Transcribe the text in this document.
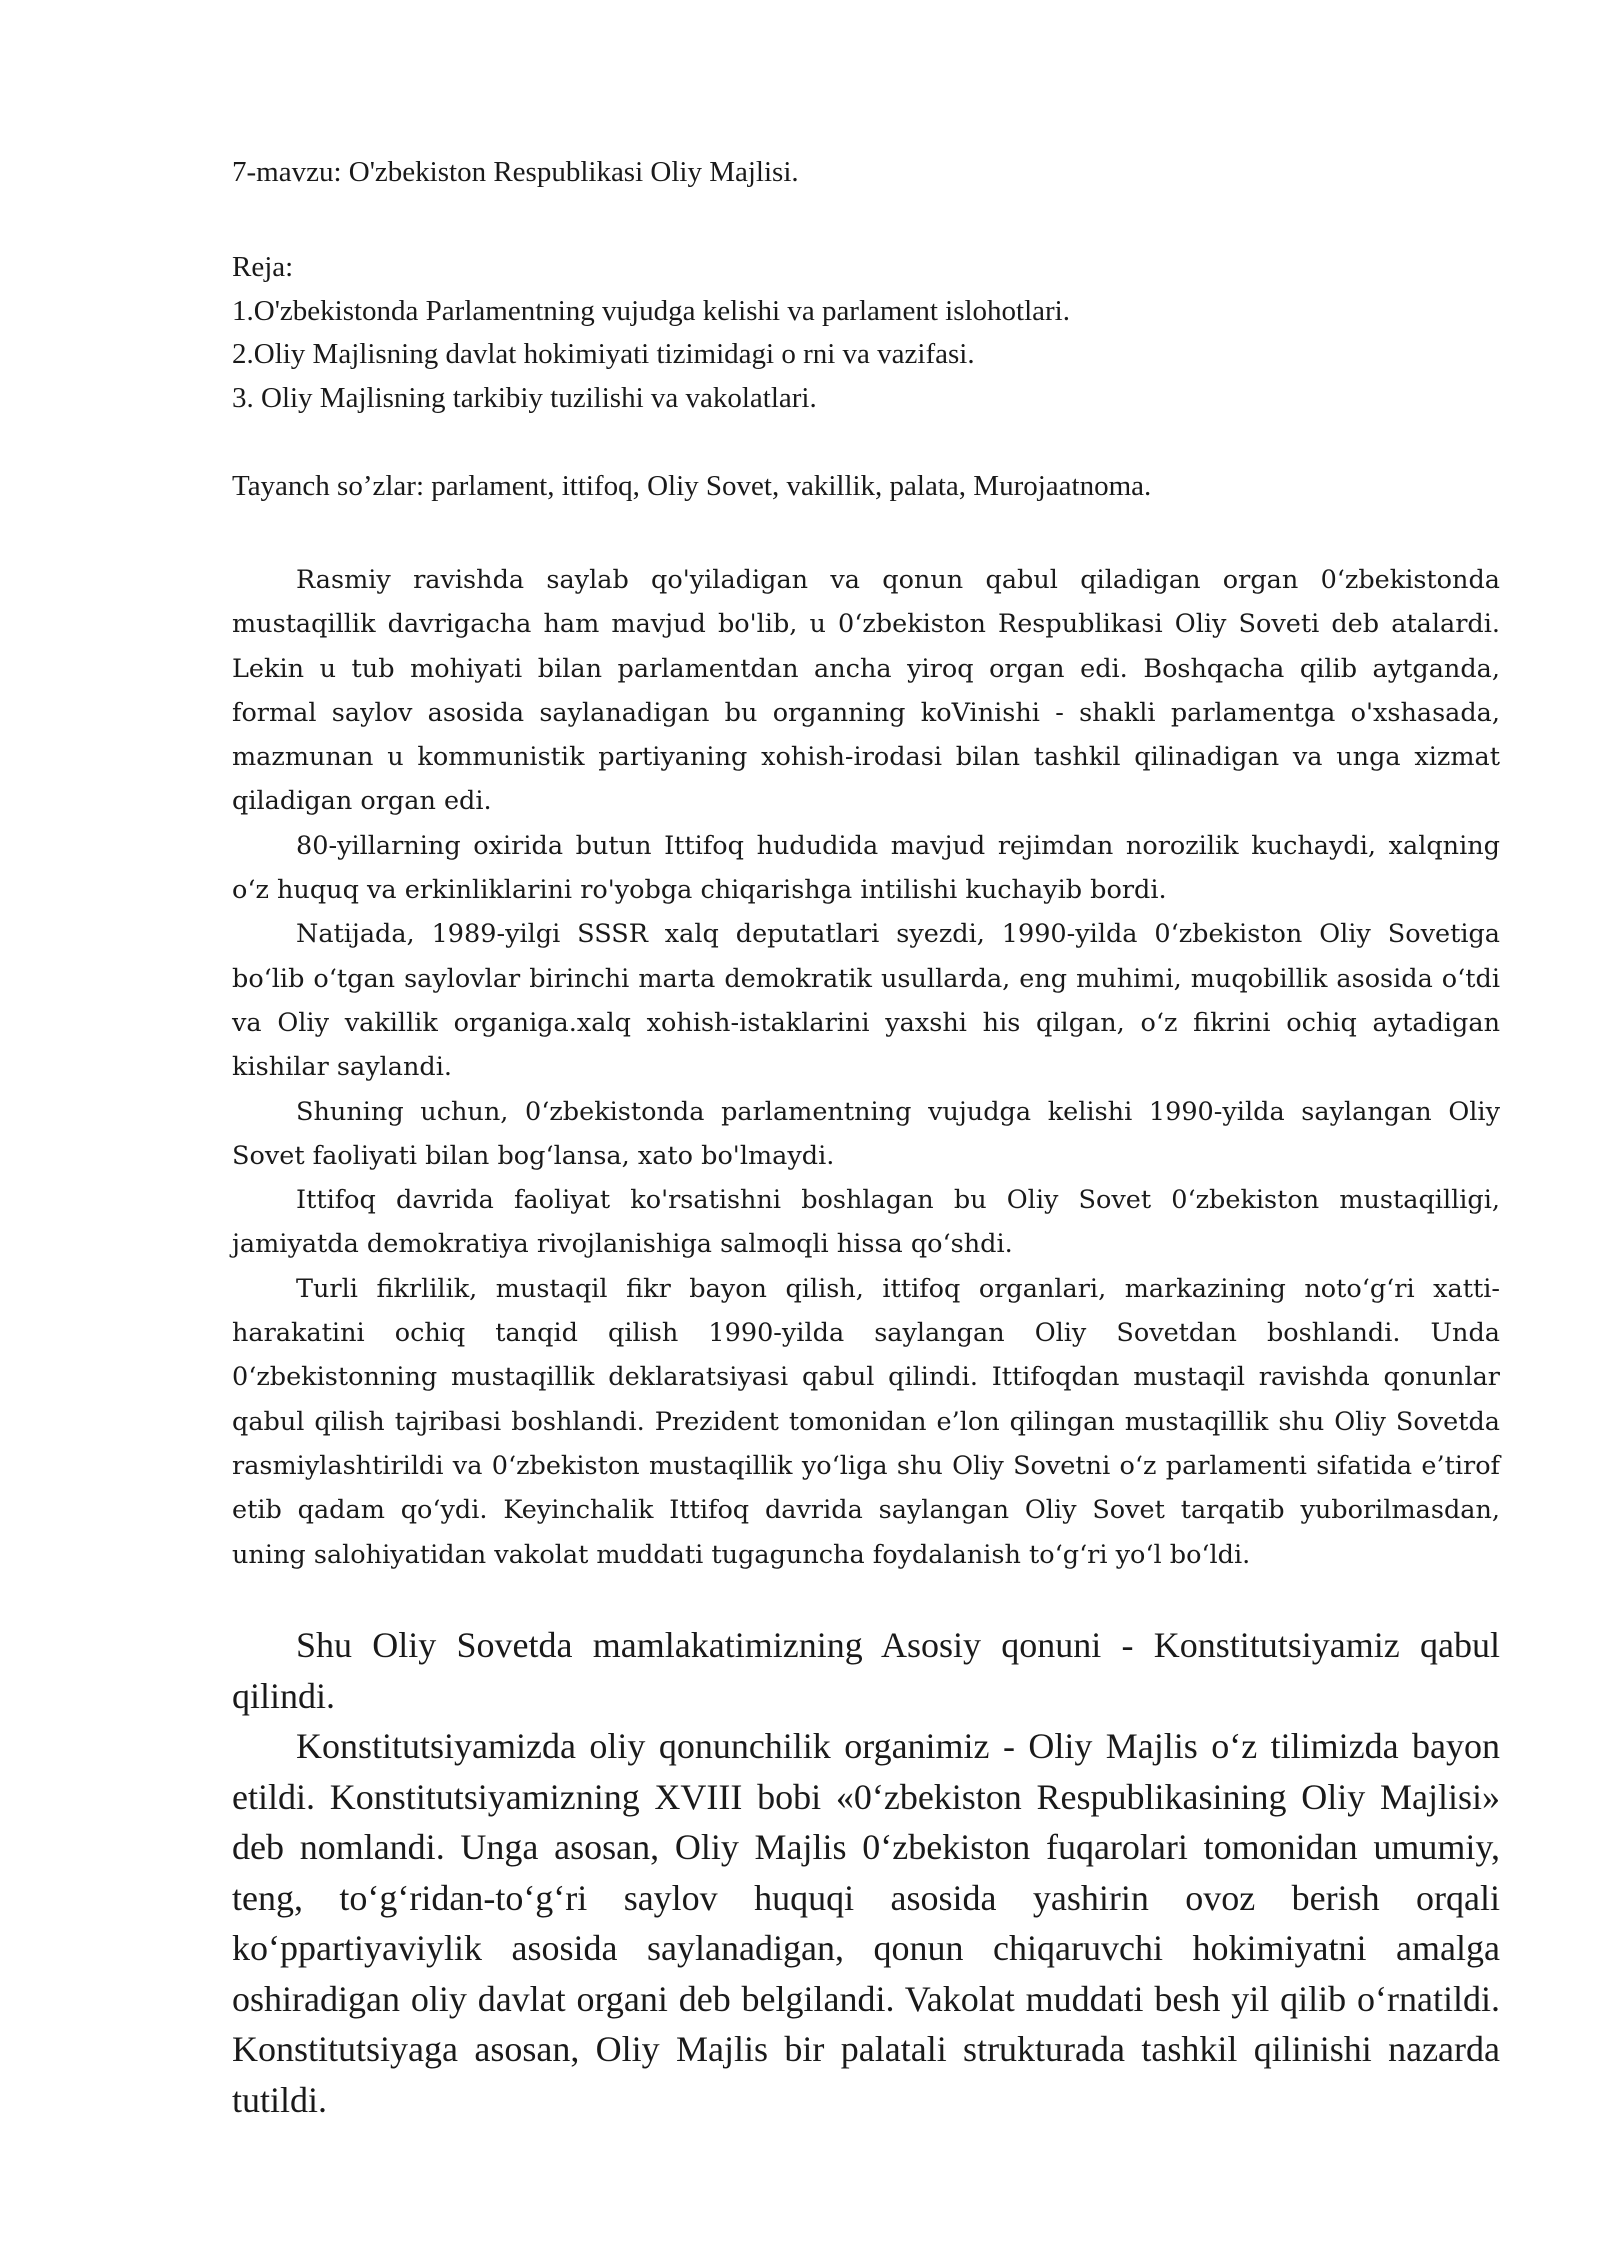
7-mavzu: O'zbekiston Respublikasi Oliy Majlisi.
Reja:
1.O'zbekistonda Parlamentning vujudga kelishi va parlament islohotlari.
2.Oliy Majlisning davlat hokimiyati tizimidagi o rni va vazifasi.
3. Oliy Majlisning tarkibiy tuzilishi va vakolatlari.
Tayanch so’zlar: parlament, ittifoq, Oliy Sovet, vakillik, palata, Murojaatnoma.

Rasmiy ravishda saylab qo'yiladigan va qonun qabul qiladigan organ 0‘zbekistonda mustaqillik davrigacha ham mavjud bo'lib, u 0‘zbekiston Respublikasi Oliy Soveti deb atalardi. Lekin u tub mohiyati bilan parlamentdan ancha yiroq organ edi. Boshqacha qilib aytganda, formal saylov asosida saylanadigan bu organning koVinishi - shakli parlamentga o'xshasada, mazmunan u kommunistik partiyaning xohish-irodasi bilan tashkil qilinadigan va unga xizmat qiladigan organ edi.

80-yillarning oxirida butun Ittifoq hududida mavjud rejimdan norozilik kuchaydi, xalqning o‘z huquq va erkinliklarini ro'yobga chiqarishga intilishi kuchayib bordi.

Natijada, 1989-yilgi SSSR xalq deputatlari syezdi, 1990-yilda 0‘zbekiston Oliy Sovetiga bo‘lib o‘tgan saylovlar birinchi marta demokratik usullarda, eng muhimi, muqobillik asosida o‘tdi va Oliy vakillik organiga.xalq xohish-istaklarini yaxshi his qilgan, o‘z fikrini ochiq aytadigan kishilar saylandi.

Shuning uchun, 0‘zbekistonda parlamentning vujudga kelishi 1990-yilda saylangan Oliy Sovet faoliyati bilan bog‘lansa, xato bo'lmaydi.

Ittifoq davrida faoliyat ko'rsatishni boshlagan bu Oliy Sovet 0‘zbekiston mustaqilligi, jamiyatda demokratiya rivojlanishiga salmoqli hissa qo‘shdi.

Turli fikrlilik, mustaqil fikr bayon qilish, ittifoq organlari, markazining noto‘g‘ri xatti-harakatini ochiq tanqid qilish 1990-yilda saylangan Oliy Sovetdan boshlandi. Unda 0‘zbekistonning mustaqillik deklaratsiyasi qabul qilindi. Ittifoqdan mustaqil ravishda qonunlar qabul qilish tajribasi boshlandi. Prezident tomonidan e’lon qilingan mustaqillik shu Oliy Sovetda rasmiylashtirildi va 0‘zbekiston mustaqillik yo‘liga shu Oliy Sovetni o‘z parlamenti sifatida e’tirof etib qadam qo‘ydi. Keyinchalik Ittifoq davrida saylangan Oliy Sovet tarqatib yuborilmasdan, uning salohiyatidan vakolat muddati tugaguncha foydalanish to‘g‘ri yo‘l bo‘ldi.

Shu Oliy Sovetda mamlakatimizning Asosiy qonuni - Konstitutsiyamiz qabul qilindi.

Konstitutsiyamizda oliy qonunchilik organimiz - Oliy Majlis o‘z tilimizda bayon etildi. Konstitutsiyamizning XVIII bobi «0‘zbekiston Respublikasining Oliy Majlisi» deb nomlandi. Unga asosan, Oliy Majlis 0‘zbekiston fuqarolari tomonidan umumiy, teng, to‘g‘ridan-to‘g‘ri saylov huquqi asosida yashirin ovoz berish orqali ko‘ppartiyaviylik asosida saylanadigan, qonun chiqaruvchi hokimiyatni amalga oshiradigan oliy davlat organi deb belgilandi. Vakolat muddati besh yil qilib o‘rnatildi. Konstitutsiyaga asosan, Oliy Majlis bir palatali strukturada tashkil qilinishi nazarda tutildi.
